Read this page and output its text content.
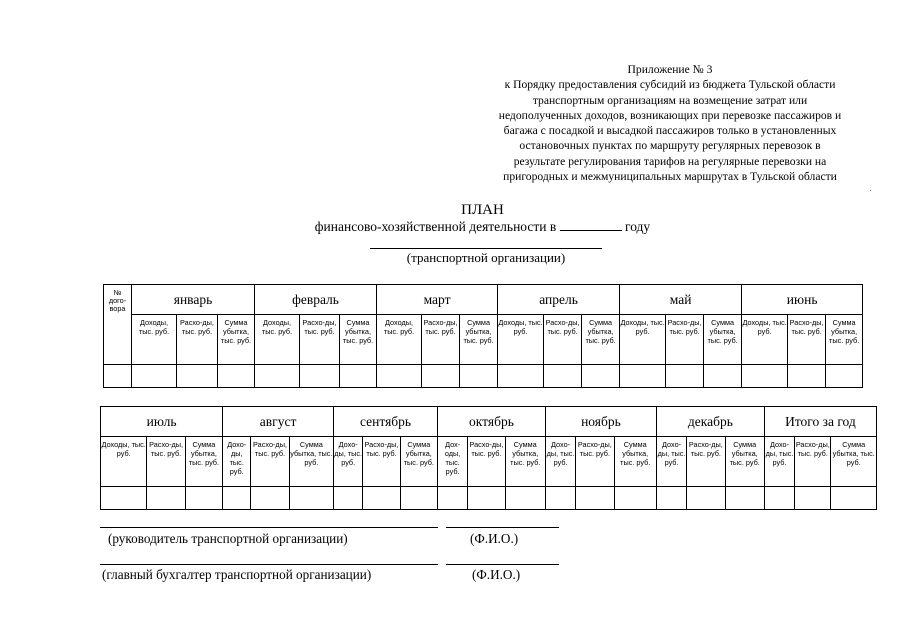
Приложение № 3
к Порядку предоставления субсидий из бюджета Тульской области
транспортным организациям на возмещение затрат или
недополученных доходов, возникающих при перевозке пассажиров и
багажа с посадкой и высадкой пассажиров только в установленных
остановочных пунктах по маршруту регулярных перевозок в
результате регулирования тарифов на регулярные перевозки на
пригородных и межмуниципальных маршрутах в Тульской области
ПЛАН
финансово-хозяйственной деятельности в	году
(транспортной организации)
№ дого-вора	январь			февраль			март			апрель			май			июнь		
	Доходы, тыс. руб.	Расхо-ды, тыс. руб.	Сумма убытка, тыс. руб.	Доходы, тыс. руб.	Расхо-ды, тыс. руб.	Сумма убытка, тыс. руб.	Доходы, тыс. руб.	Расхо-ды, тыс. руб.	Сумма убытка, тыс. руб.	Доходы, тыс. руб.	Расхо-ды, тыс. руб.	Сумма убытка, тыс. руб.	Доходы, тыс. руб.	Расхо-ды, тыс. руб.	Сумма убытка, тыс. руб.	Доходы, тыс. руб.	Расхо-ды, тыс. руб.	Сумма убытка, тыс. руб.

июль			август			сентябрь			октябрь			ноябрь			декабрь			Итого за год		
Доходы, тыс. руб.	Расхо-ды, тыс. руб.	Сумма убытка, тыс. руб.	Дохо-ды, тыс. руб.	Расхо-ды, тыс. руб.	Сумма убытка, тыс. руб.	Дохо-ды, тыс. руб.	Расхо-ды, тыс. руб.	Сумма убытка, тыс. руб.	Дох-оды, тыс. руб.	Расхо-ды, тыс. руб.	Сумма убытка, тыс. руб.	Дохо-ды, тыс. руб.	Расхо-ды, тыс. руб.	Сумма убытка, тыс. руб.	Дохо-ды, тыс. руб.	Расхо-ды, тыс. руб.	Сумма убытка, тыс. руб.	Дохо-ды, тыс. руб.	Расхо-ды, тыс. руб.	Сумма убытка, тыс. руб.

(руководитель транспортной организации)	(Ф.И.О.)
(главный бухгалтер транспортной организации)	(Ф.И.О.)
